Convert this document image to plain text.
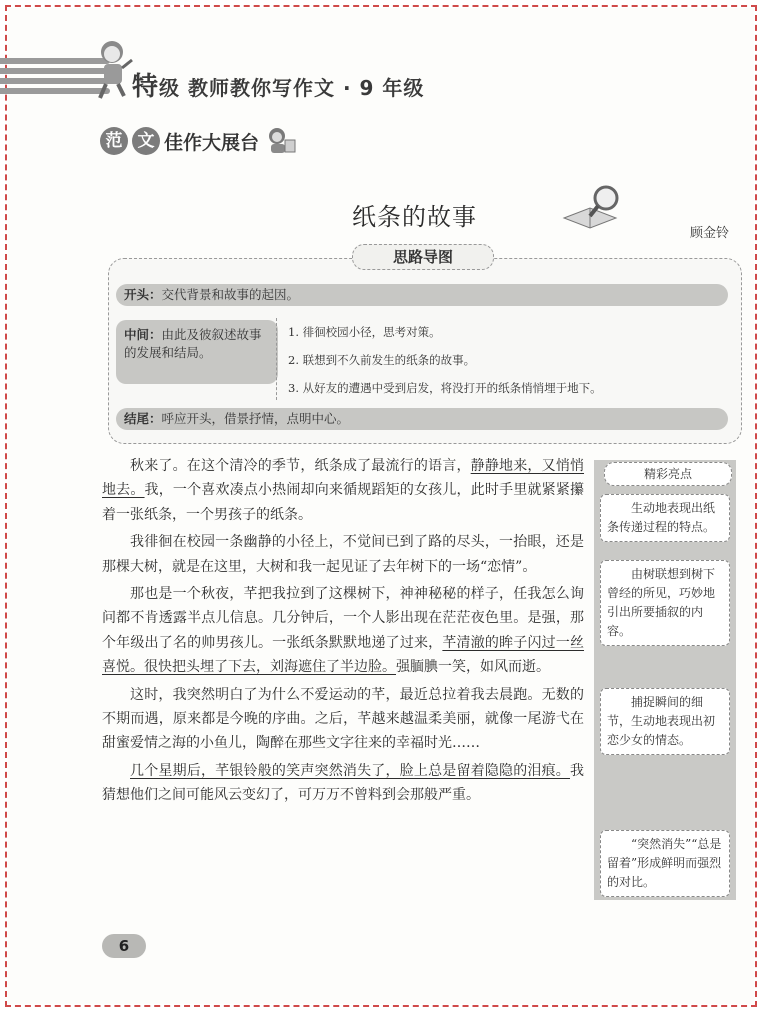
特级 教师教你写作文 · 9 年级
范 文 佳作大展台
纸条的故事
顾金铃
思路导图
开头：交代背景和故事的起因。
中间：由此及彼叙述故事的发展和结局。
1. 徘徊校园小径，思考对策。
2. 联想到不久前发生的纸条的故事。
3. 从好友的遭遇中受到启发，将没打开的纸条悄悄埋于地下。
结尾：呼应开头，借景抒情，点明中心。

秋来了。在这个清冷的季节，纸条成了最流行的语言，静静地来，又悄悄地去。我，一个喜欢凑点小热闹却向来循规蹈矩的女孩儿，此时手里就紧紧攥着一张纸条，一个男孩子的纸条。

我徘徊在校园一条幽静的小径上，不觉间已到了路的尽头，一抬眼，还是那棵大树，就是在这里，大树和我一起见证了去年树下的一场“恋情”。

那也是一个秋夜，芊把我拉到了这棵树下，神神秘秘的样子，任我怎么询问都不肯透露半点儿信息。几分钟后，一个人影出现在茫茫夜色里。是强，那个年级出了名的帅男孩儿。一张纸条默默地递了过来，芊清澈的眸子闪过一丝喜悦。很快把头埋了下去，刘海遮住了半边脸。强腼腆一笑，如风而逝。

这时，我突然明白了为什么不爱运动的芊，最近总拉着我去晨跑。无数的不期而遇，原来都是今晚的序曲。之后，芊越来越温柔美丽，就像一尾游弋在甜蜜爱情之海的小鱼儿，陶醉在那些文字往来的幸福时光……

几个星期后，芊银铃般的笑声突然消失了，脸上总是留着隐隐的泪痕。我猜想他们之间可能风云变幻了，可万万不曾料到会那般严重。

精彩亮点
生动地表现出纸条传递过程的特点。
由树联想到树下曾经的所见，巧妙地引出所要插叙的内容。
捕捉瞬间的细节，生动地表现出初恋少女的情态。
“突然消失”“总是留着”形成鲜明而强烈的对比。
6
